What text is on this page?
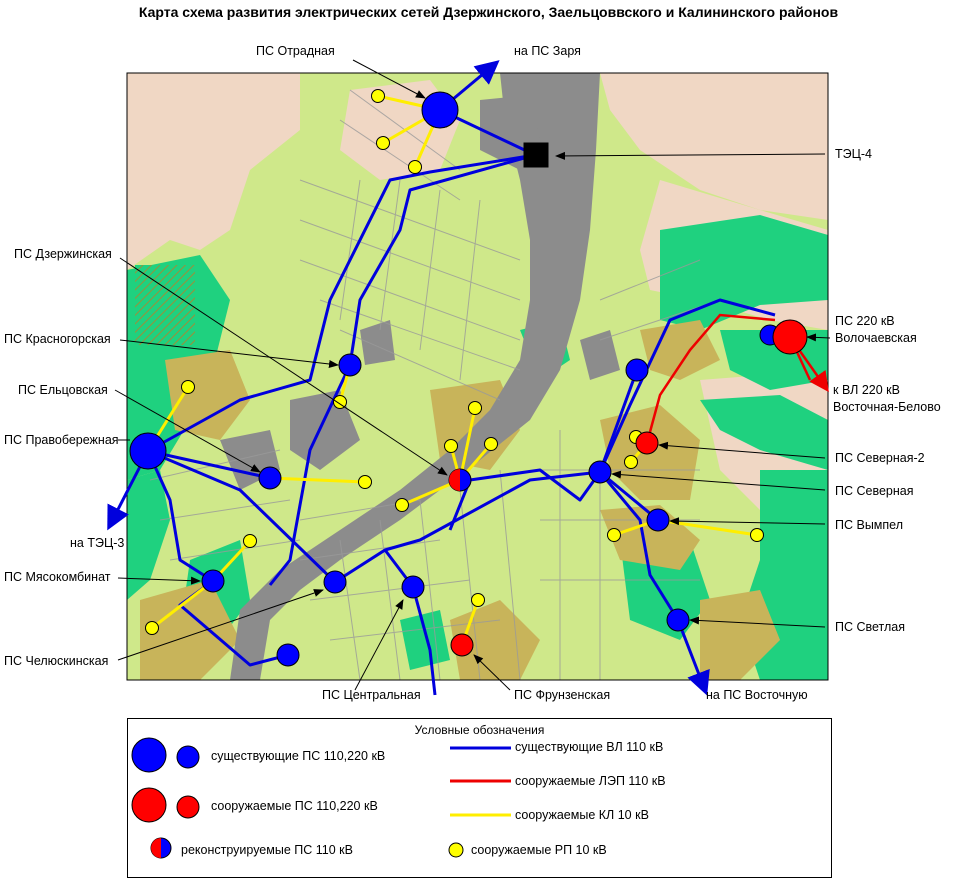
Карта схема развития электрических сетей Дзержинского, Заельцоввского и Калининского районов
ПС Отрадная	на ПС Заря
ТЭЦ-4
ПС Дзержинская
ПС Красногорская
ПС Ельцовская
ПС Правобережная
на ТЭЦ-3
ПС Мясокомбинат
ПС Челюскинская
ПС Центральная	ПС Фрунзенская	на ПС Восточную
ПС Светлая
ПС Вымпел
ПС Северная
ПС Северная-2
ПС 220 кВ
Волочаевская
к ВЛ 220 кВ
Восточная-Белово
Условные обозначения
существующие ПС 110,220 кВ
сооружаемые ПС 110,220 кВ
реконструируемые ПС 110 кВ
существующие ВЛ 110 кВ
сооружаемые ЛЭП 110 кВ
сооружаемые КЛ 10 кВ
сооружаемые РП 10 кВ
